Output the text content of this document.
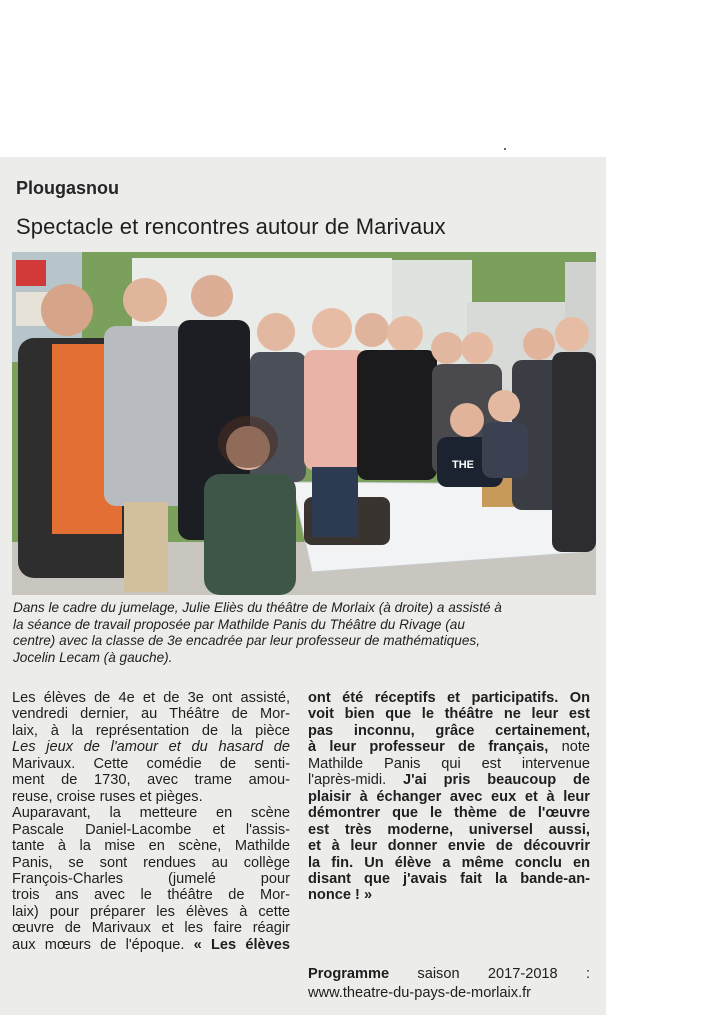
Plougasnou
Spectacle et rencontres autour de Marivaux
THE
Dans le cadre du jumelage, Julie Eliès du théâtre de Morlaix (à droite) a assisté à
la séance de travail proposée par Mathilde Panis du Théâtre du Rivage (au
centre) avec la classe de 3e encadrée par leur professeur de mathématiques,
Jocelin Lecam (à gauche).
Les élèves de 4e et de 3e ont assisté,
vendredi dernier, au Théâtre de Mor-
laix, à la représentation de la pièce
Les jeux de l'amour et du hasard de
Marivaux. Cette comédie de senti-
ment de 1730, avec trame amou-
reuse, croise ruses et pièges.
Auparavant, la metteure en scène
Pascale Daniel-Lacombe et l'assis-
tante à la mise en scène, Mathilde
Panis, se sont rendues au collège
François-Charles (jumelé pour
trois ans avec le théâtre de Mor-
laix) pour préparer les élèves à cette
œuvre de Marivaux et les faire réagir
aux mœurs de l'époque. « Les élèves
ont été réceptifs et participatifs. On
voit bien que le théâtre ne leur est
pas inconnu, grâce certainement,
à leur professeur de français, note
Mathilde Panis qui est intervenue
l'après-midi. J'ai pris beaucoup de
plaisir à échanger avec eux et à leur
démontrer que le thème de l'œuvre
est très moderne, universel aussi,
et à leur donner envie de découvrir
la fin. Un élève a même conclu en
disant que j'avais fait la bande-an-
nonce ! »
Programme saison 2017-2018 :
www.theatre-du-pays-de-morlaix.fr
